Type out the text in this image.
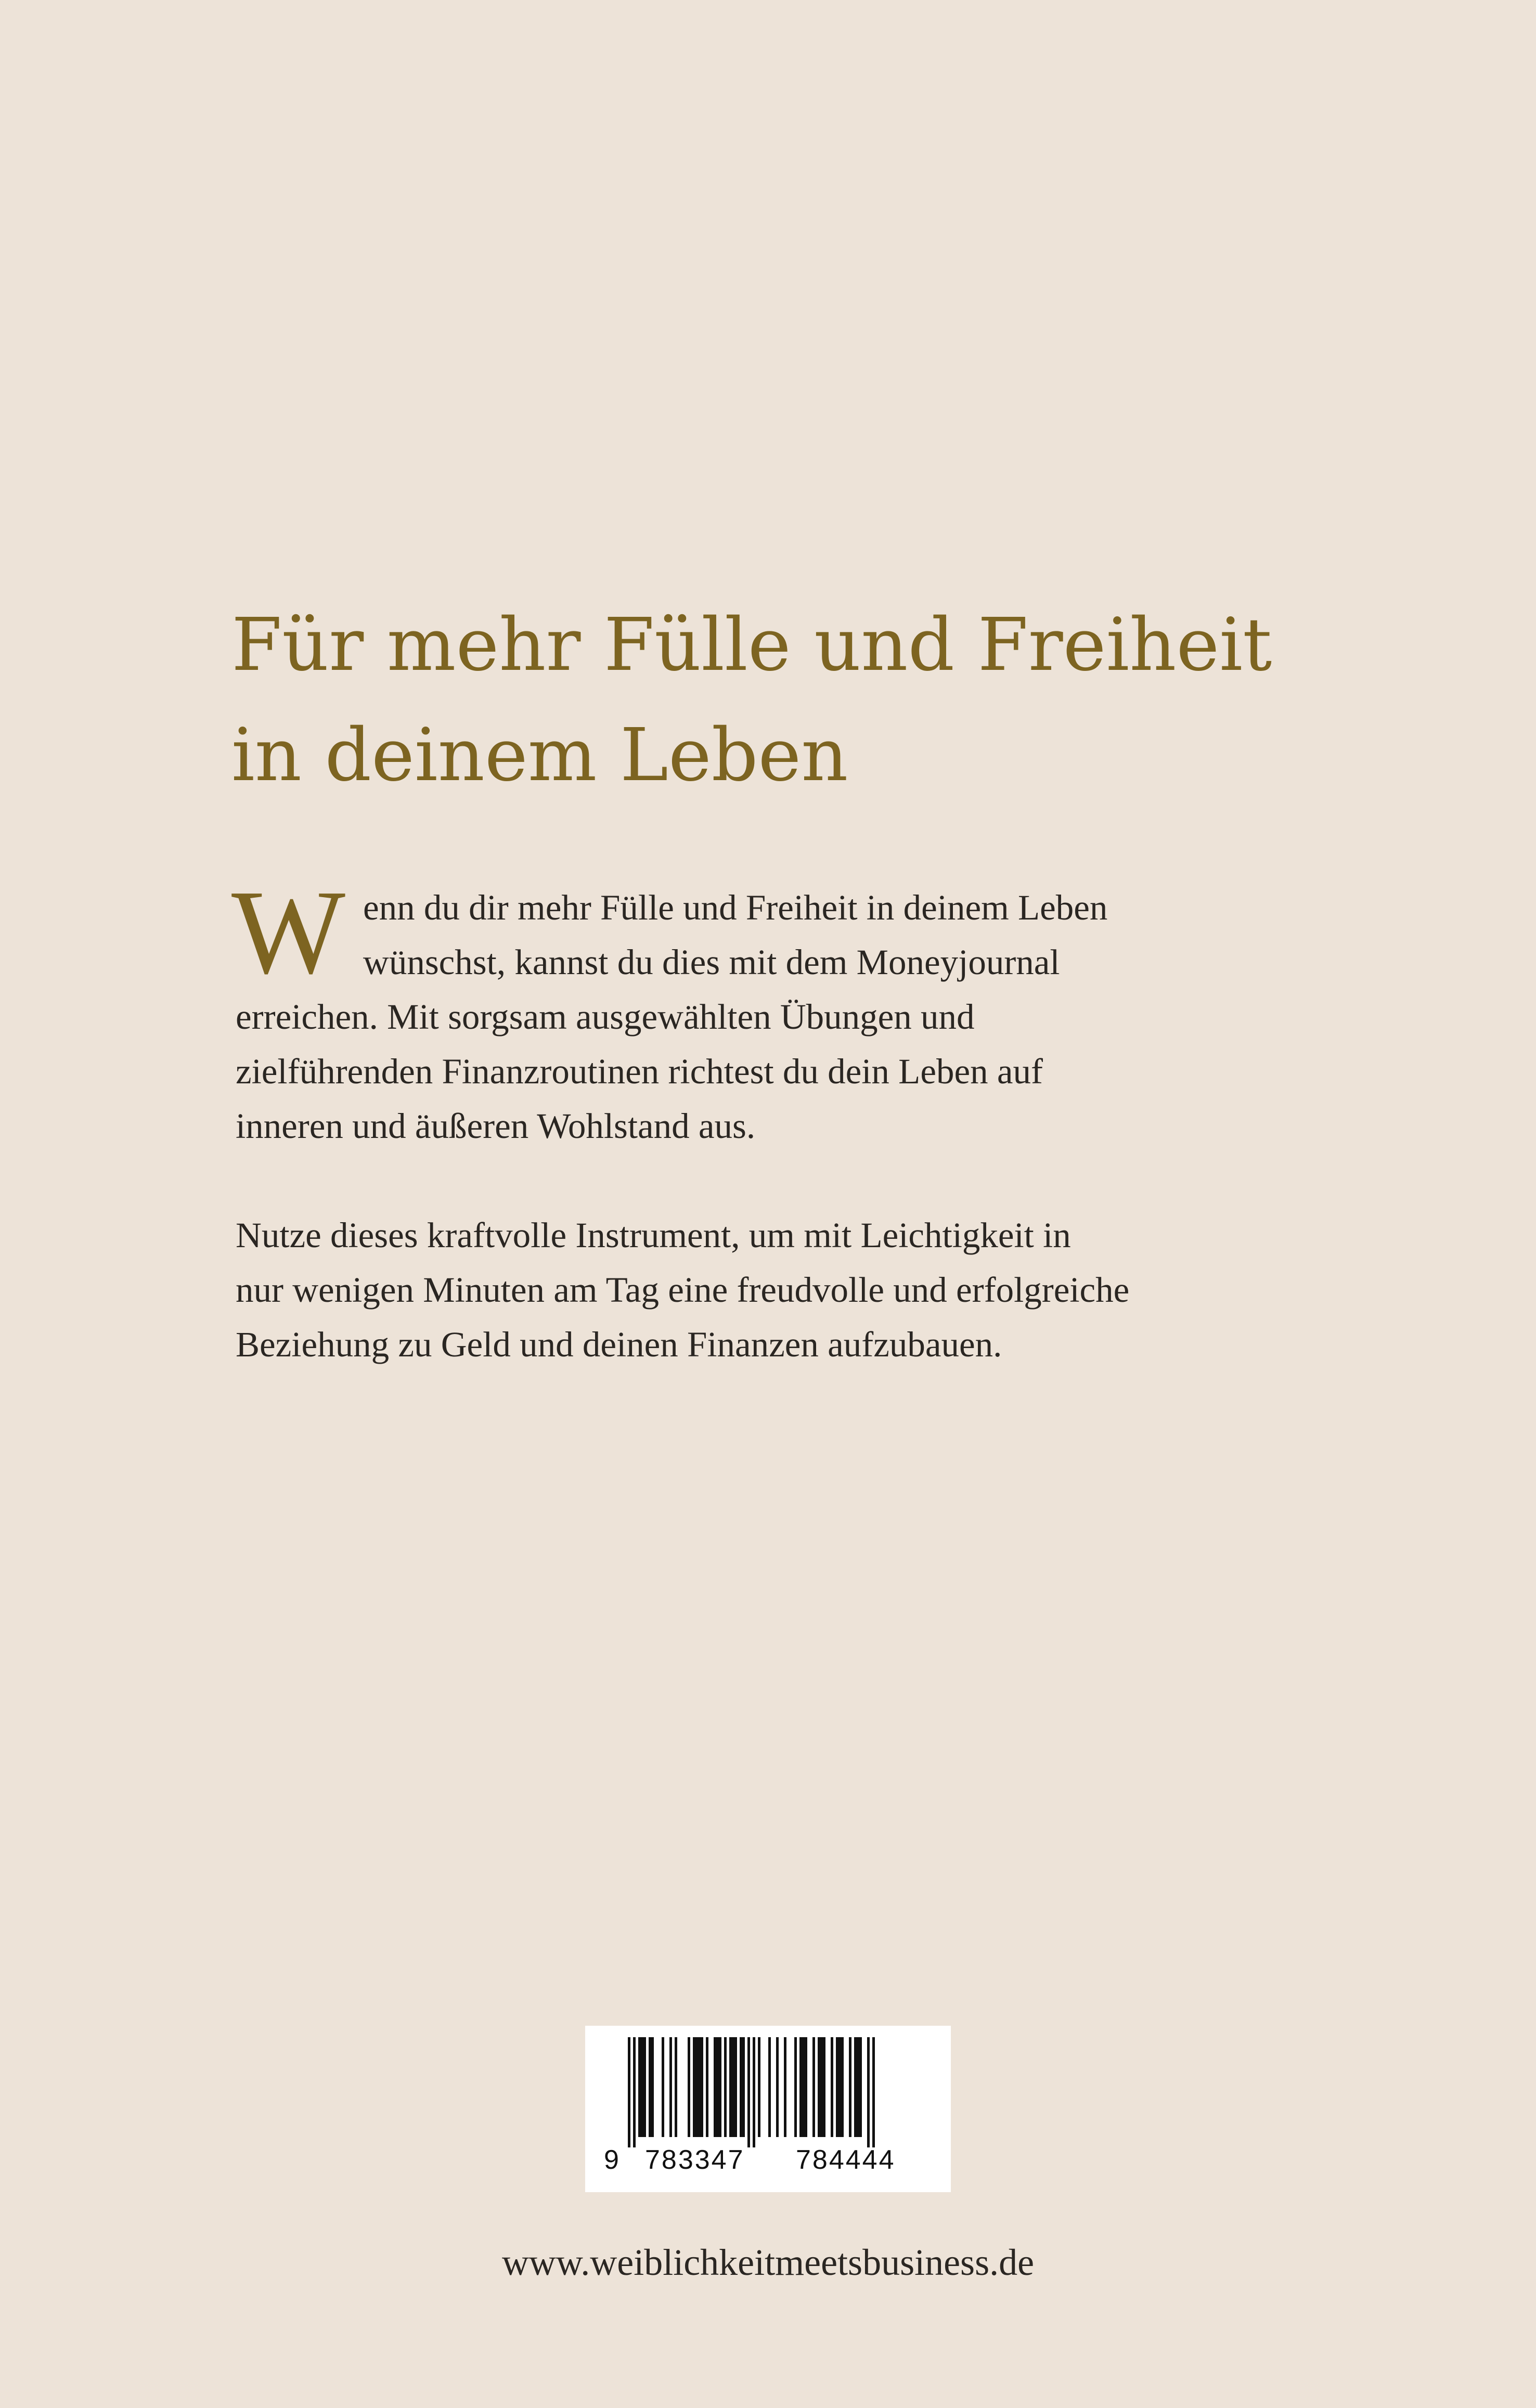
Für mehr Fülle und Freiheit
in deinem Leben
W enn du dir mehr Fülle und Freiheit in deinem Leben
wünschst, kannst du dies mit dem Moneyjournal
erreichen. Mit sorgsam ausgewählten Übungen und
zielführenden Finanzroutinen richtest du dein Leben auf
inneren und äußeren Wohlstand aus.

Nutze dieses kraftvolle Instrument, um mit Leichtigkeit in
nur wenigen Minuten am Tag eine freudvolle und erfolgreiche
Beziehung zu Geld und deinen Finanzen aufzubauen.

9 783347 784444
www.weiblichkeitmeetsbusiness.de
